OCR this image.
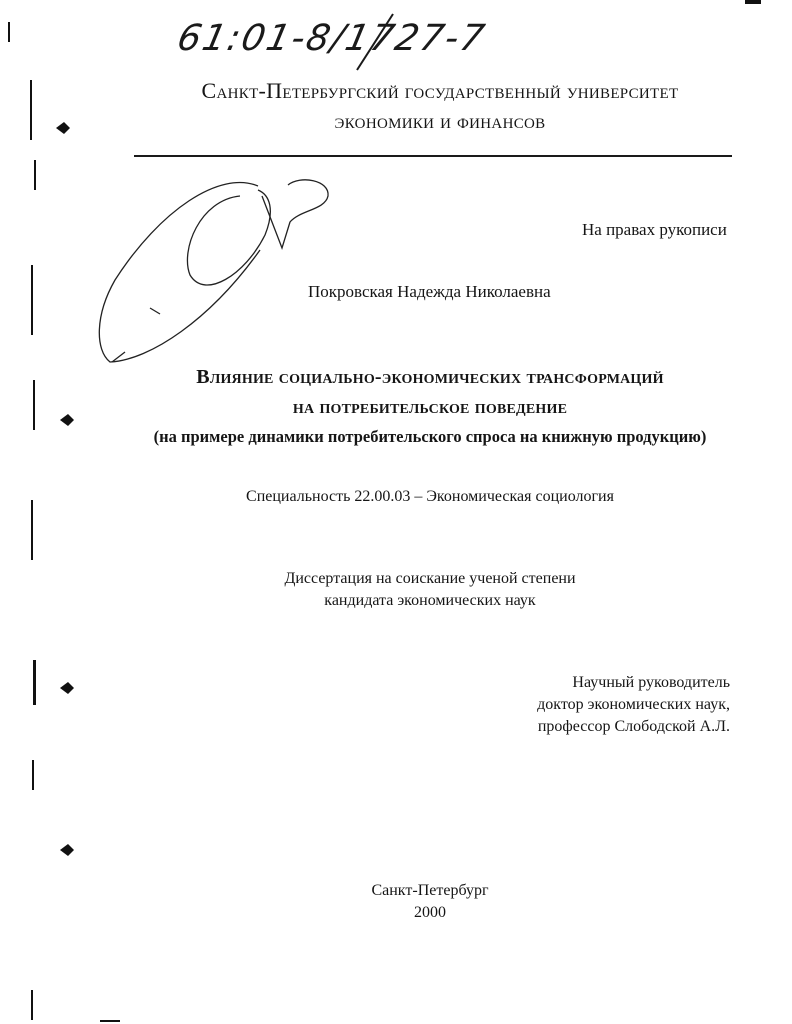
61:01-8/1727-7
Санкт-Петербургский государственный университет
экономики и финансов
На правах рукописи
Покровская Надежда Николаевна
Влияние социально-экономических трансформаций
на потребительское поведение
(на примере динамики потребительского спроса на книжную продукцию)
Специальность 22.00.03 – Экономическая социология
Диссертация на соискание ученой степени
кандидата экономических наук
Научный руководитель
доктор экономических наук,
профессор Слободской А.Л.
Санкт-Петербург
2000
